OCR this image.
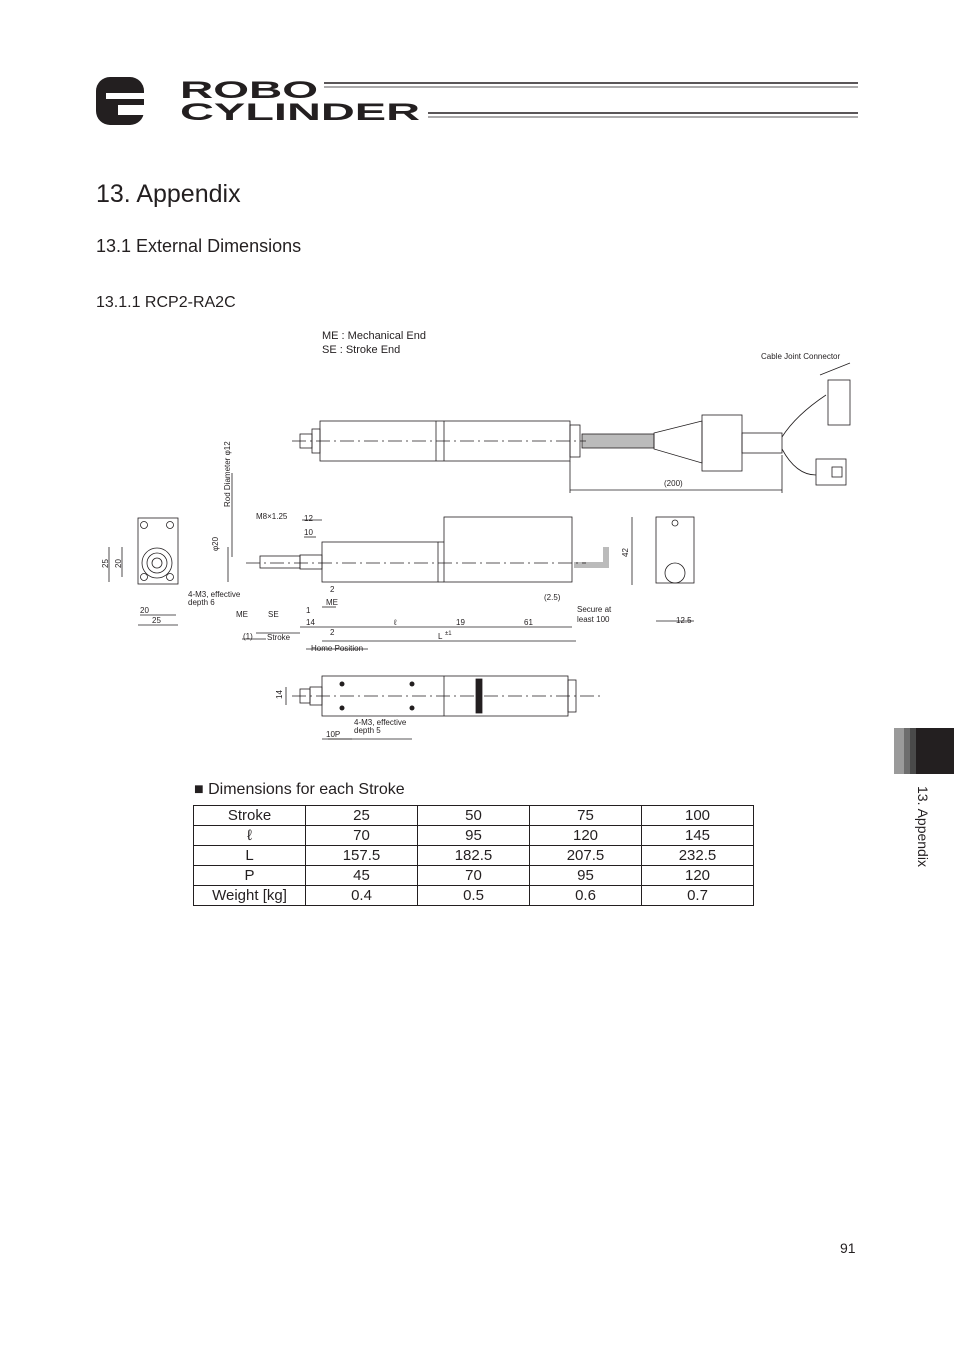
ROBO
CYLINDER
13. Appendix
13.1 External Dimensions
13.1.1 RCP2-RA2C
ME : Mechanical End
SE : Stroke End
Cable Joint Connector
(200)
M8×1.25 12
10
4-M3, effective
depth 6
2
ME
ME	SE	1
14	ℓ	19	61
(2.5)
Secure at
least 100	12.5
(1) Stroke
2	L ±1
Home Position
20
25
4-M3, effective
depth 5
10P
Rod Diameter φ12
φ20
25 20
42
14
■ Dimensions for each Stroke
Stroke	25	50	75	100
ℓ	70	95	120	145
L	157.5	182.5	207.5	232.5
P	45	70	95	120
Weight [kg]	0.4	0.5	0.6	0.7
13. Appendix
91
